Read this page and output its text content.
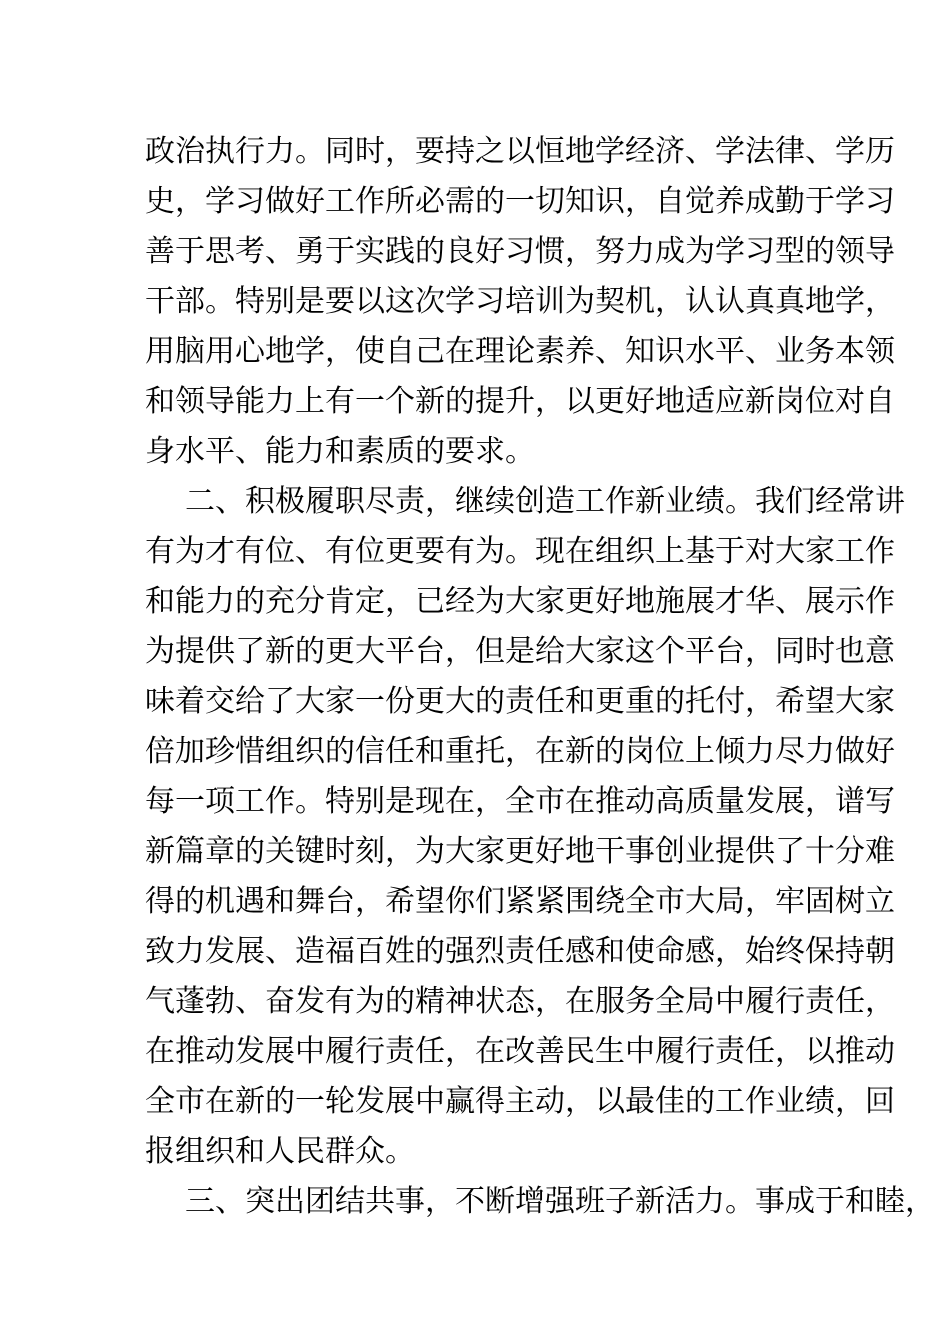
政治执行力。同时，要持之以恒地学经济、学法律、学历
史，学习做好工作所必需的一切知识，自觉养成勤于学习
善于思考、勇于实践的良好习惯，努力成为学习型的领导
干部。特别是要以这次学习培训为契机，认认真真地学，
用脑用心地学，使自己在理论素养、知识水平、业务本领
和领导能力上有一个新的提升，以更好地适应新岗位对自
身水平、能力和素质的要求。
二、积极履职尽责，继续创造工作新业绩。我们经常讲
有为才有位、有位更要有为。现在组织上基于对大家工作
和能力的充分肯定，已经为大家更好地施展才华、展示作
为提供了新的更大平台，但是给大家这个平台，同时也意
味着交给了大家一份更大的责任和更重的托付，希望大家
倍加珍惜组织的信任和重托，在新的岗位上倾力尽力做好
每一项工作。特别是现在，全市在推动高质量发展，谱写
新篇章的关键时刻，为大家更好地干事创业提供了十分难
得的机遇和舞台，希望你们紧紧围绕全市大局，牢固树立
致力发展、造福百姓的强烈责任感和使命感，始终保持朝
气蓬勃、奋发有为的精神状态，在服务全局中履行责任，
在推动发展中履行责任，在改善民生中履行责任，以推动
全市在新的一轮发展中赢得主动，以最佳的工作业绩，回
报组织和人民群众。
三、突出团结共事，不断增强班子新活力。事成于和睦，
